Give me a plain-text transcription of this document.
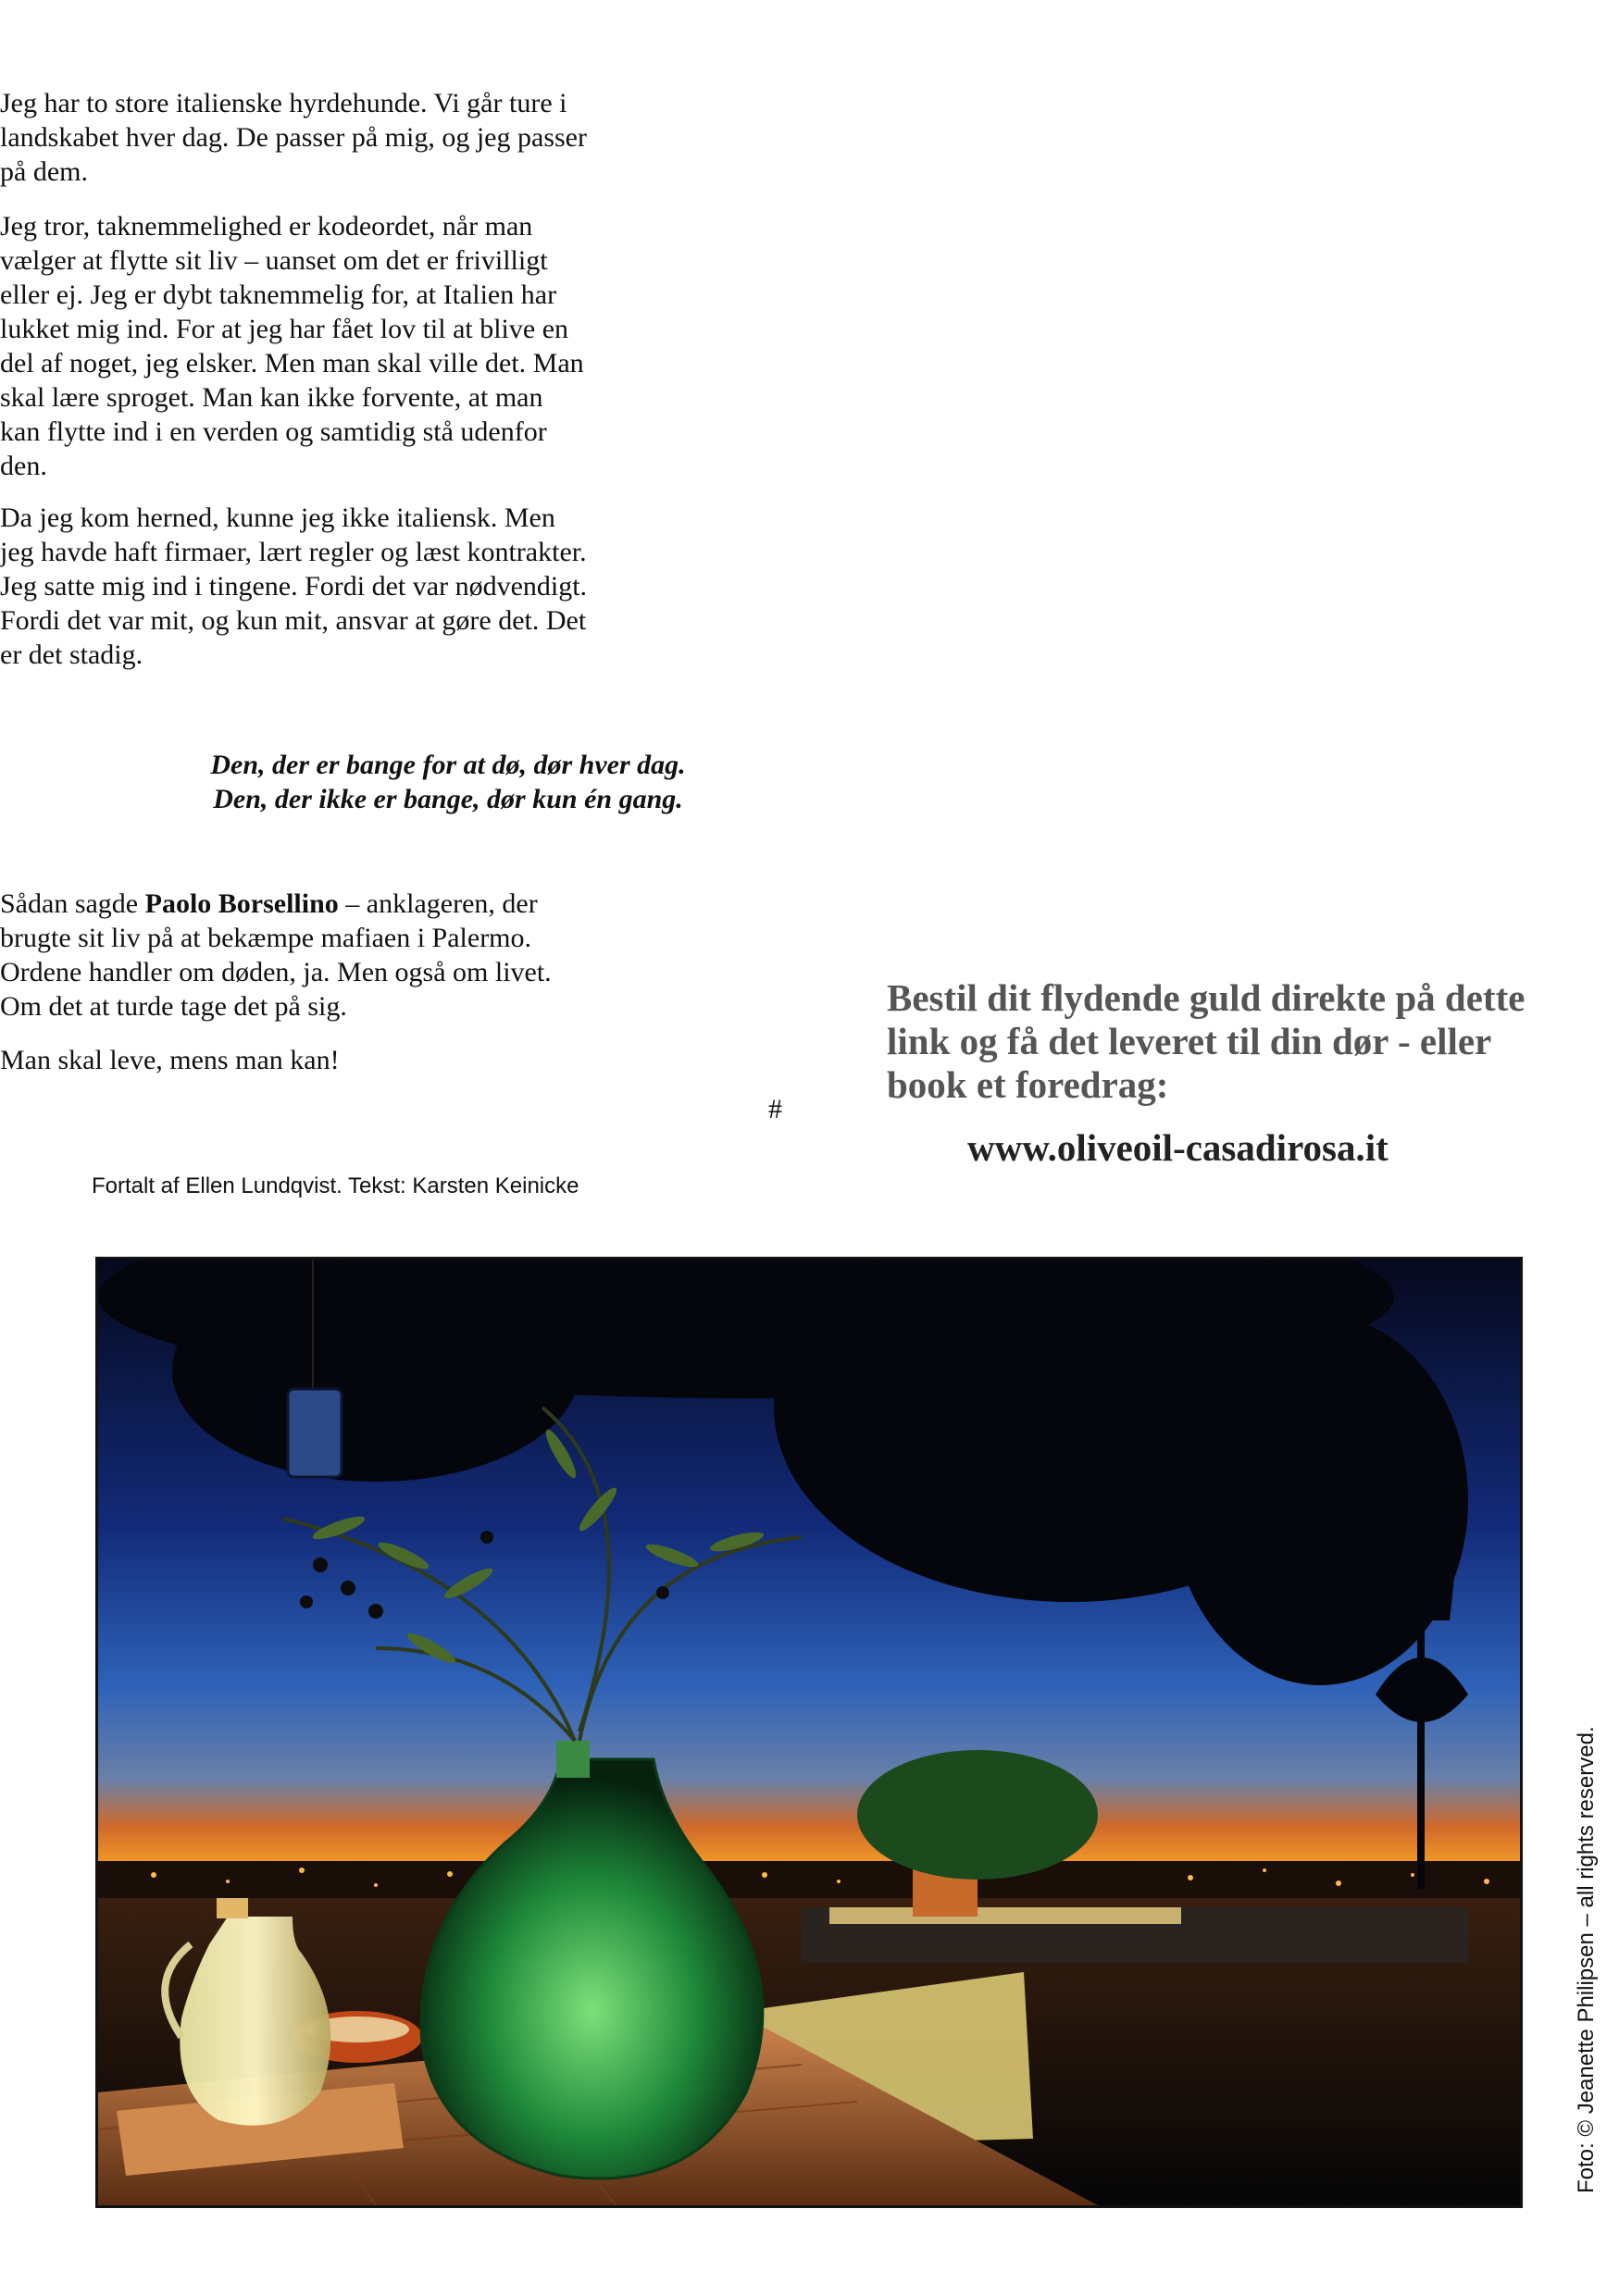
Jeg har to store italienske hyrdehunde. Vi går ture i
landskabet hver dag. De passer på mig, og jeg passer
på dem.

Jeg tror, taknemmelighed er kodeordet, når man
vælger at flytte sit liv – uanset om det er frivilligt
eller ej. Jeg er dybt taknemmelig for, at Italien har
lukket mig ind. For at jeg har fået lov til at blive en
del af noget, jeg elsker. Men man skal ville det. Man
skal lære sproget. Man kan ikke forvente, at man
kan flytte ind i en verden og samtidig stå udenfor
den.

Da jeg kom herned, kunne jeg ikke italiensk. Men
jeg havde haft firmaer, lært regler og læst kontrakter.
Jeg satte mig ind i tingene. Fordi det var nødvendigt.
Fordi det var mit, og kun mit, ansvar at gøre det. Det
er det stadig.

Den, der er bange for at dø, dør hver dag.
Den, der ikke er bange, dør kun én gang.

Sådan sagde Paolo Borsellino – anklageren, der
brugte sit liv på at bekæmpe mafiaen i Palermo.
Ordene handler om døden, ja. Men også om livet.
Om det at turde tage det på sig.

Man skal leve, mens man kan!

#
Fortalt af Ellen Lundqvist. Tekst: Karsten Keinicke
Bestil dit flydende guld direkte på dette link og få det leveret til din dør - eller book et foredrag:
www.oliveoil-casadirosa.it
Foto: © Jeanette Philipsen – all rights reserved.
